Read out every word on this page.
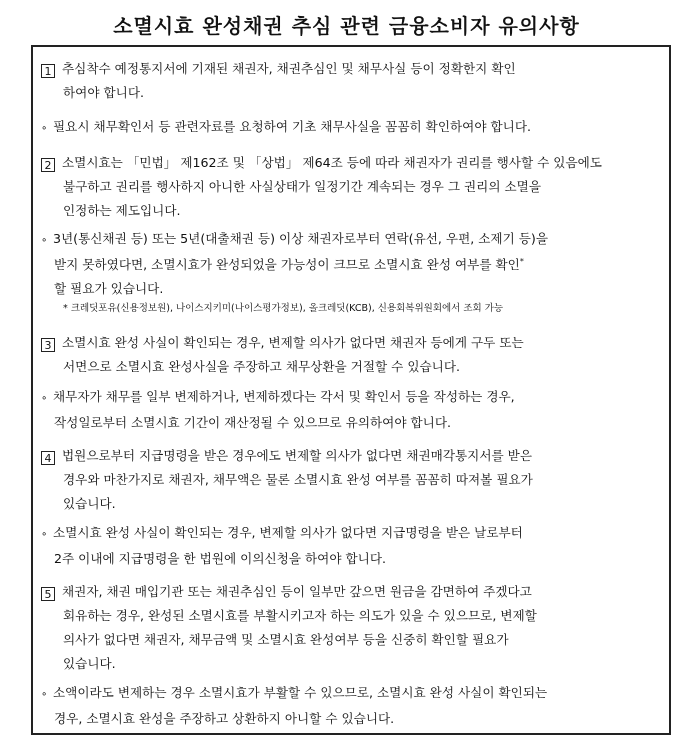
소멸시효 완성채권 추심 관련 금융소비자 유의사항
1 추심착수 예정통지서에 기재된 채권자, 채권추심인 및 채무사실 등이 정확한지 확인
하여야 합니다.
∘ 필요시 채무확인서 등 관련자료를 요청하여 기초 채무사실을 꼼꼼히 확인하여야 합니다.
2 소멸시효는 「민법」 제162조 및 「상법」 제64조 등에 따라 채권자가 권리를 행사할 수 있음에도
불구하고 권리를 행사하지 아니한 사실상태가 일정기간 계속되는 경우 그 권리의 소멸을
인정하는 제도입니다.
∘ 3년(통신채권 등) 또는 5년(대출채권 등) 이상 채권자로부터 연락(유선, 우편, 소제기 등)을
받지 못하였다면, 소멸시효가 완성되었을 가능성이 크므로 소멸시효 완성 여부를 확인*
할 필요가 있습니다.
* 크레딧포유(신용정보원), 나이스지키미(나이스평가정보), 올크레딧(KCB), 신용회복위원회에서 조회 가능
3 소멸시효 완성 사실이 확인되는 경우, 변제할 의사가 없다면 채권자 등에게 구두 또는
서면으로 소멸시효 완성사실을 주장하고 채무상환을 거절할 수 있습니다.
∘ 채무자가 채무를 일부 변제하거나, 변제하겠다는 각서 및 확인서 등을 작성하는 경우,
작성일로부터 소멸시효 기간이 재산정될 수 있으므로 유의하여야 합니다.
4 법원으로부터 지급명령을 받은 경우에도 변제할 의사가 없다면 채권매각통지서를 받은
경우와 마찬가지로 채권자, 채무액은 물론 소멸시효 완성 여부를 꼼꼼히 따져볼 필요가
있습니다.
∘ 소멸시효 완성 사실이 확인되는 경우, 변제할 의사가 없다면 지급명령을 받은 날로부터
2주 이내에 지급명령을 한 법원에 이의신청을 하여야 합니다.
5 채권자, 채권 매입기관 또는 채권추심인 등이 일부만 갚으면 원금을 감면하여 주겠다고
회유하는 경우, 완성된 소멸시효를 부활시키고자 하는 의도가 있을 수 있으므로, 변제할
의사가 없다면 채권자, 채무금액 및 소멸시효 완성여부 등을 신중히 확인할 필요가
있습니다.
∘ 소액이라도 변제하는 경우 소멸시효가 부활할 수 있으므로, 소멸시효 완성 사실이 확인되는
경우, 소멸시효 완성을 주장하고 상환하지 아니할 수 있습니다.
